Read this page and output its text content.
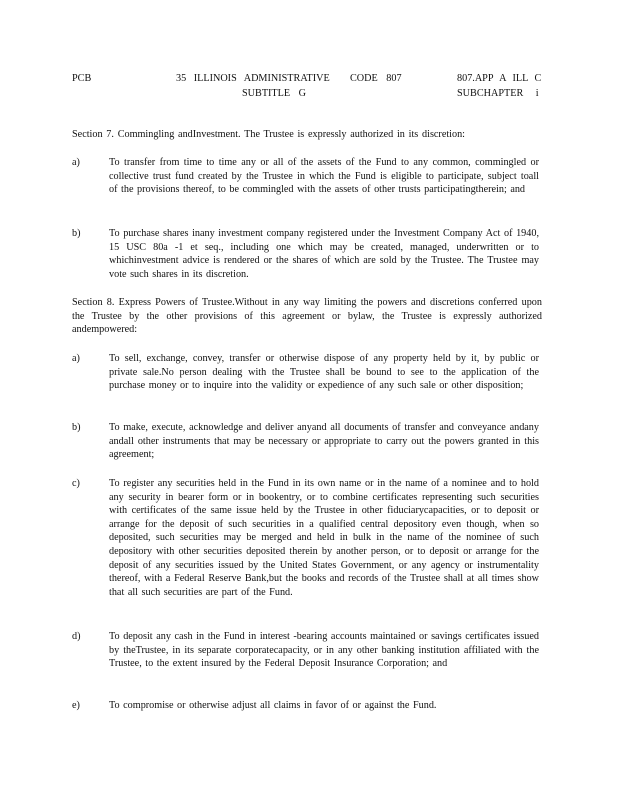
PCB	35 ILLINOIS ADMINISTRATIVE CODE 807	807.APP A ILL C
SUBTITLE G	SUBCHAPTER i
Section 7. Commingling andInvestment. The Trustee is expressly authorized in its discretion:
a)	To transfer from time to time any or all of the assets of the Fund to any common, commingled or collective trust fund created by the Trustee in which the Fund is eligible to participate, subject toall of the provisions thereof, to be commingled with the assets of other trusts participatingtherein; and
b)	To purchase shares inany investment company registered under the Investment Company Act of 1940, 15 USC 80a -1 et seq., including one which may be created, managed, underwritten or to whichinvestment advice is rendered or the shares of which are sold by the Trustee. The Trustee may vote such shares in its discretion.
Section 8. Express Powers of Trustee.Without in any way limiting the powers and discretions conferred upon the Trustee by the other provisions of this agreement or bylaw, the Trustee is expressly authorized andempowered:
a)	To sell, exchange, convey, transfer or otherwise dispose of any property held by it, by public or private sale.No person dealing with the Trustee shall be bound to see to the application of the purchase money or to inquire into the validity or expedience of any such sale or other disposition;
b)	To make, execute, acknowledge and deliver anyand all documents of transfer and conveyance andany andall other instruments that may be necessary or appropriate to carry out the powers granted in this agreement;
c)	To register any securities held in the Fund in its own name or in the name of a nominee and to hold any security in bearer form or in bookentry, or to combine certificates representing such securities with certificates of the same issue held by the Trustee in other fiduciarycapacities, or to deposit or arrange for the deposit of such securities in a qualified central depository even though, when so deposited, such securities may be merged and held in bulk in the name of the nominee of such depository with other securities deposited therein by another person, or to deposit or arrange for the deposit of any securities issued by the United States Government, or any agency or instrumentality thereof, with a Federal Reserve Bank,but the books and records of the Trustee shall at all times show that all such securities are part of the Fund.
d)	To deposit any cash in the Fund in interest -bearing accounts maintained or savings certificates issued by theTrustee, in its separate corporatecapacity, or in any other banking institution affiliated with the Trustee, to the extent insured by the Federal Deposit Insurance Corporation; and
e)	To compromise or otherwise adjust all claims in favor of or against the Fund.
